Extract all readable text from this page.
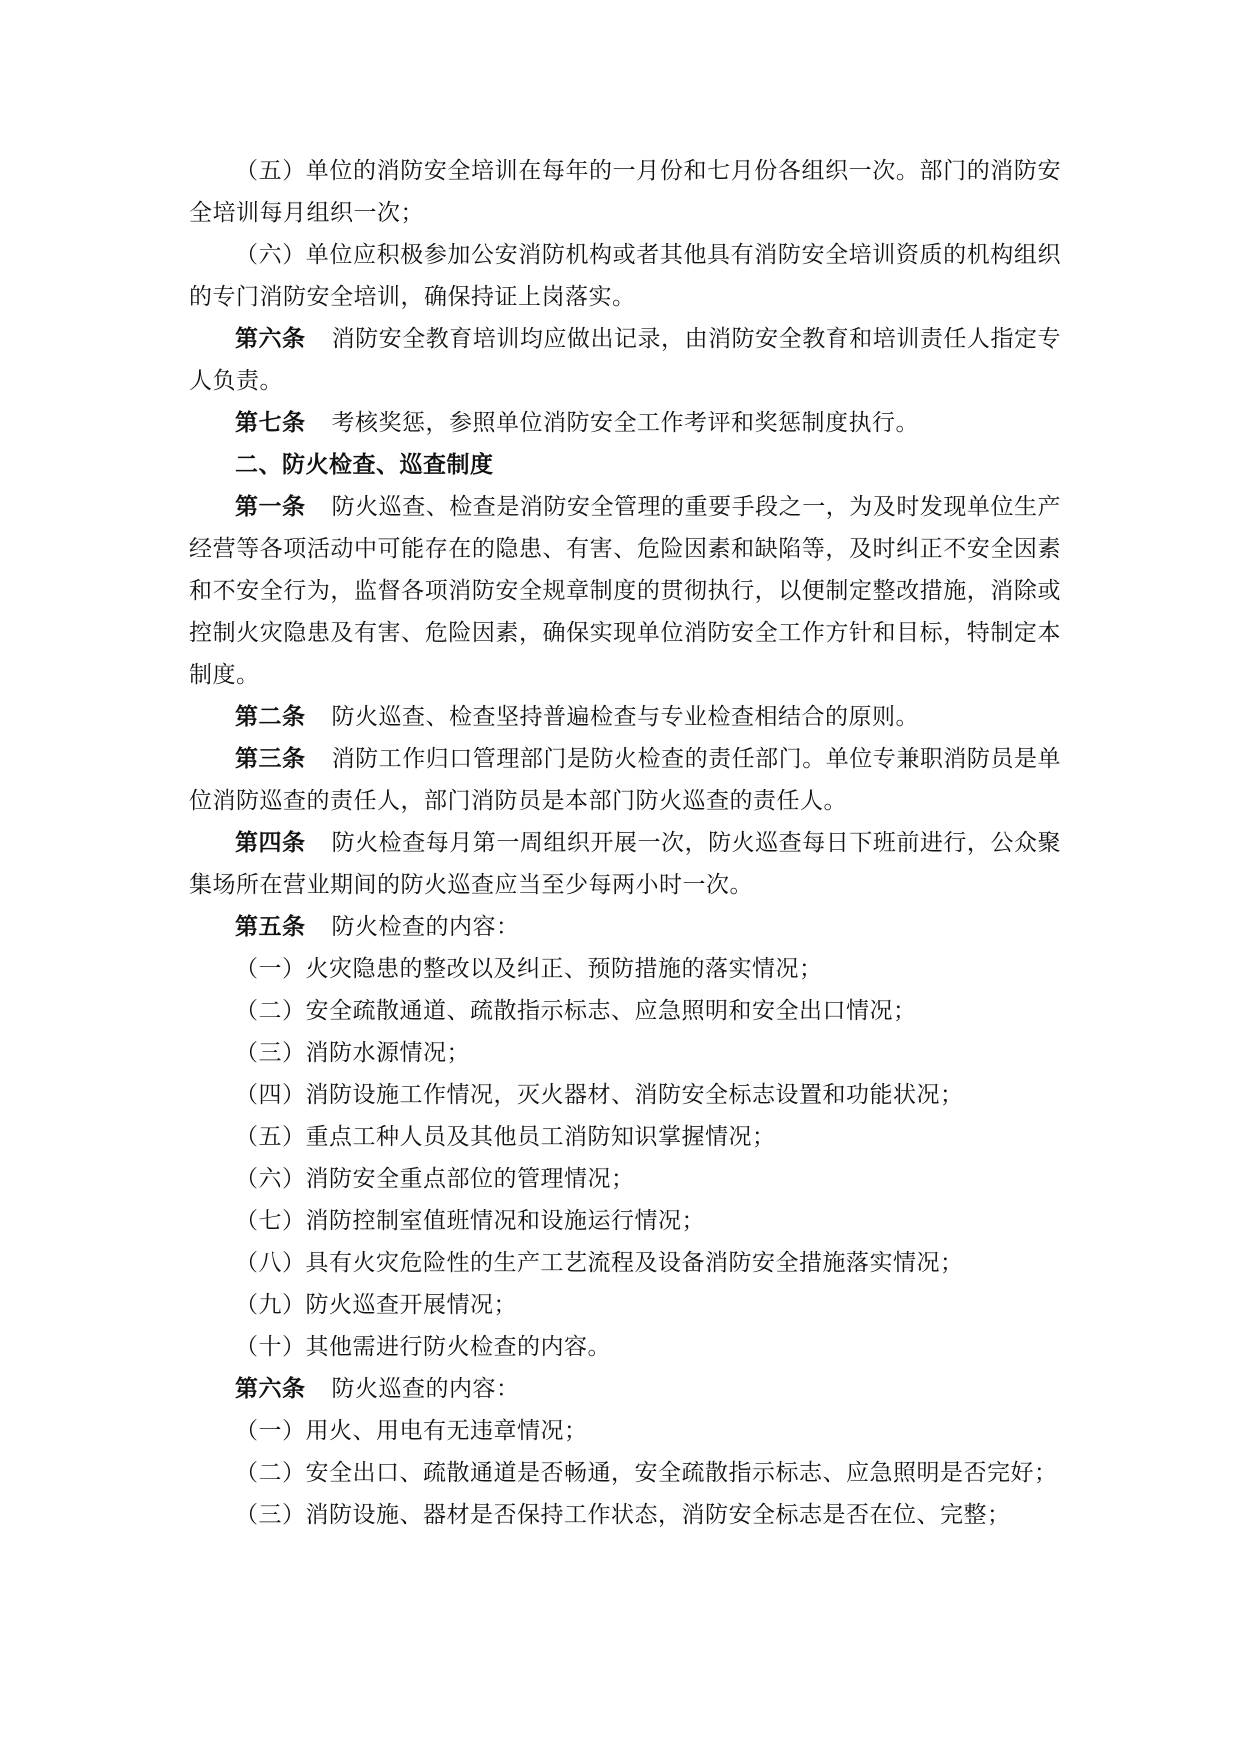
（五）单位的消防安全培训在每年的一月份和七月份各组织一次。部门的消防安全培训每月组织一次；

（六）单位应积极参加公安消防机构或者其他具有消防安全培训资质的机构组织的专门消防安全培训，确保持证上岗落实。

第六条 消防安全教育培训均应做出记录，由消防安全教育和培训责任人指定专人负责。

第七条 考核奖惩，参照单位消防安全工作考评和奖惩制度执行。

二、防火检查、巡查制度

第一条 防火巡查、检查是消防安全管理的重要手段之一，为及时发现单位生产经营等各项活动中可能存在的隐患、有害、危险因素和缺陷等，及时纠正不安全因素和不安全行为，监督各项消防安全规章制度的贯彻执行，以便制定整改措施，消除或控制火灾隐患及有害、危险因素，确保实现单位消防安全工作方针和目标，特制定本制度。

第二条 防火巡查、检查坚持普遍检查与专业检查相结合的原则。

第三条 消防工作归口管理部门是防火检查的责任部门。单位专兼职消防员是单位消防巡查的责任人，部门消防员是本部门防火巡查的责任人。

第四条 防火检查每月第一周组织开展一次，防火巡查每日下班前进行，公众聚集场所在营业期间的防火巡查应当至少每两小时一次。

第五条 防火检查的内容：

（一）火灾隐患的整改以及纠正、预防措施的落实情况；

（二）安全疏散通道、疏散指示标志、应急照明和安全出口情况；

（三）消防水源情况；

（四）消防设施工作情况，灭火器材、消防安全标志设置和功能状况；

（五）重点工种人员及其他员工消防知识掌握情况；

（六）消防安全重点部位的管理情况；

（七）消防控制室值班情况和设施运行情况；

（八）具有火灾危险性的生产工艺流程及设备消防安全措施落实情况；

（九）防火巡查开展情况；

（十）其他需进行防火检查的内容。

第六条 防火巡查的内容：

（一）用火、用电有无违章情况；

（二）安全出口、疏散通道是否畅通，安全疏散指示标志、应急照明是否完好；

（三）消防设施、器材是否保持工作状态，消防安全标志是否在位、完整；
